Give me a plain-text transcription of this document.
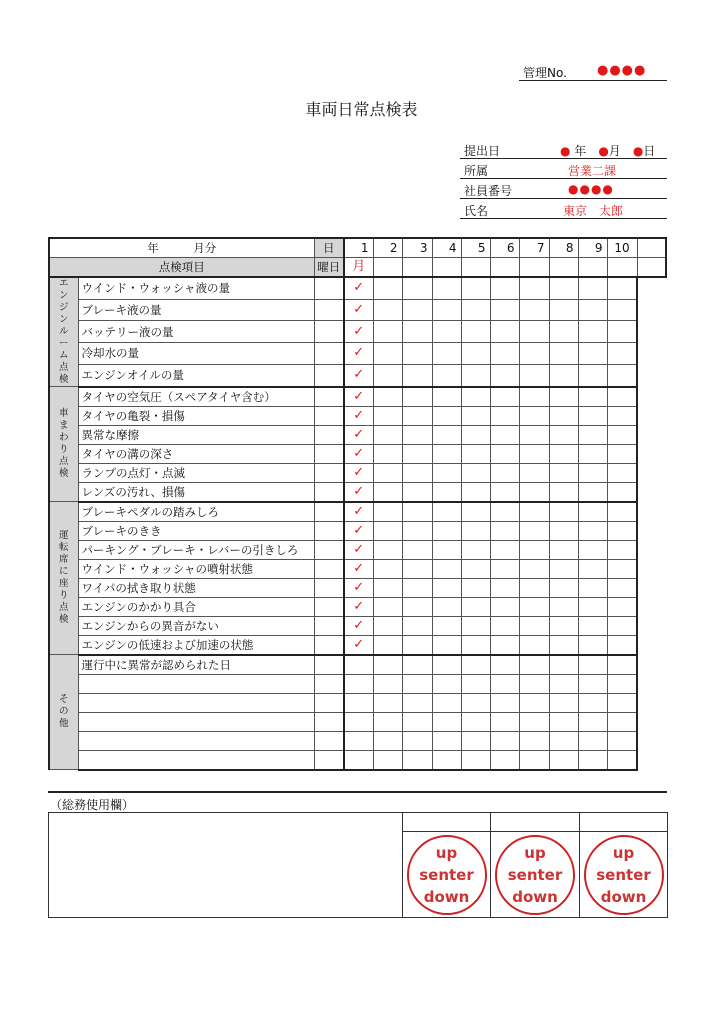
管理No. ●●●●
車両日常点検表
提出日	● 年　●月　●日
所属	営業二課
社員番号	●●●●
氏名	東京　太郎
年　　　月分		日	1	2	3	4	5	6	7	8	9	10	
点検項目		曜日	月										
エンジンルーム点検	ウインド・ウォッシャ液の量		✓										
	ブレーキ液の量		✓										
	バッテリー液の量		✓										
	冷却水の量		✓										
	エンジンオイルの量		✓										
車まわり点検	タイヤの空気圧（スペアタイヤ含む）		✓										
	タイヤの亀裂・損傷		✓										
	異常な摩擦		✓										
	タイヤの溝の深さ		✓										
	ランプの点灯・点滅		✓										
	レンズの汚れ、損傷		✓										
運転席に座り点検	ブレーキペダルの踏みしろ		✓										
	ブレーキのきき		✓										
	パーキング・ブレーキ・レバーの引きしろ		✓										
	ウインド・ウォッシャの噴射状態		✓										
	ワイパの拭き取り状態		✓										
	エンジンのかかり具合		✓										
	エンジンからの異音がない		✓										
	エンジンの低速および加速の状態		✓										
その他	運行中に異常が認められた日												

（総務使用欄）

	up
senter
down	up
senter
down	up
senter
down
